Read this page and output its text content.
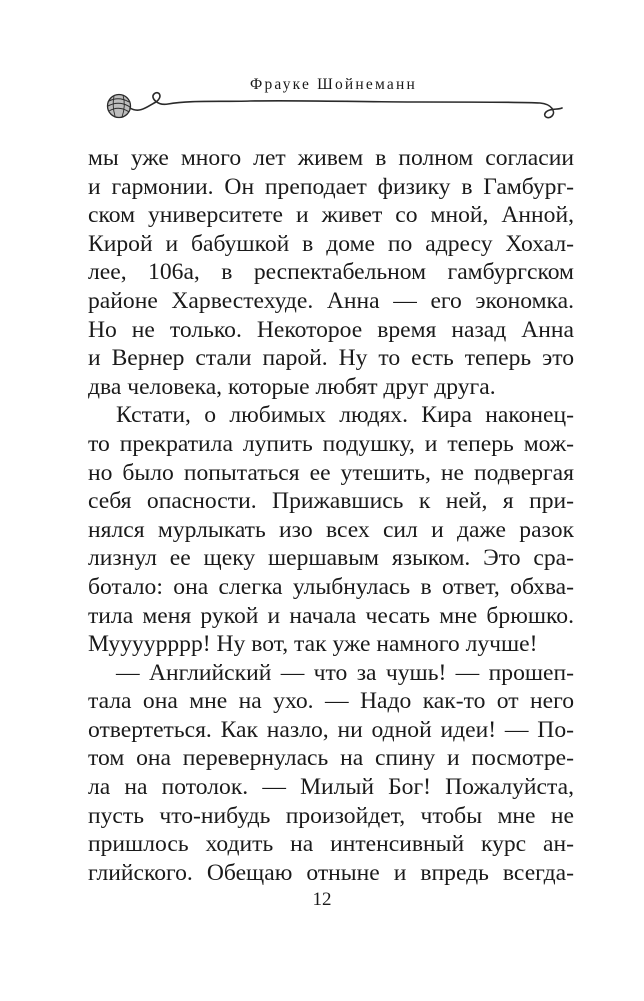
Фрауке Шойнеманн
мы уже много лет живем в полном согласии
и гармонии. Он преподает физику в Гамбург-
ском университете и живет со мной, Анной,
Кирой и бабушкой в доме по адресу Хохал-
лее, 106а, в респектабельном гамбургском
районе Харвестехуде. Анна — его экономка.
Но не только. Некоторое время назад Анна
и Вернер стали парой. Ну то есть теперь это
два человека, которые любят друг друга.
Кстати, о любимых людях. Кира наконец-
то прекратила лупить подушку, и теперь мож-
но было попытаться ее утешить, не подвергая
себя опасности. Прижавшись к ней, я при-
нялся мурлыкать изо всех сил и даже разок
лизнул ее щеку шершавым языком. Это сра-
ботало: она слегка улыбнулась в ответ, обхва-
тила меня рукой и начала чесать мне брюшко.
Муууурррр! Ну вот, так уже намного лучше!
— Английский — что за чушь! — прошеп-
тала она мне на ухо. — Надо как-то от него
отвертеться. Как назло, ни одной идеи! — По-
том она перевернулась на спину и посмотре-
ла на потолок. — Милый Бог! Пожалуйста,
пусть что-нибудь произойдет, чтобы мне не
пришлось ходить на интенсивный курс ан-
глийского. Обещаю отныне и впредь всегда-
12
